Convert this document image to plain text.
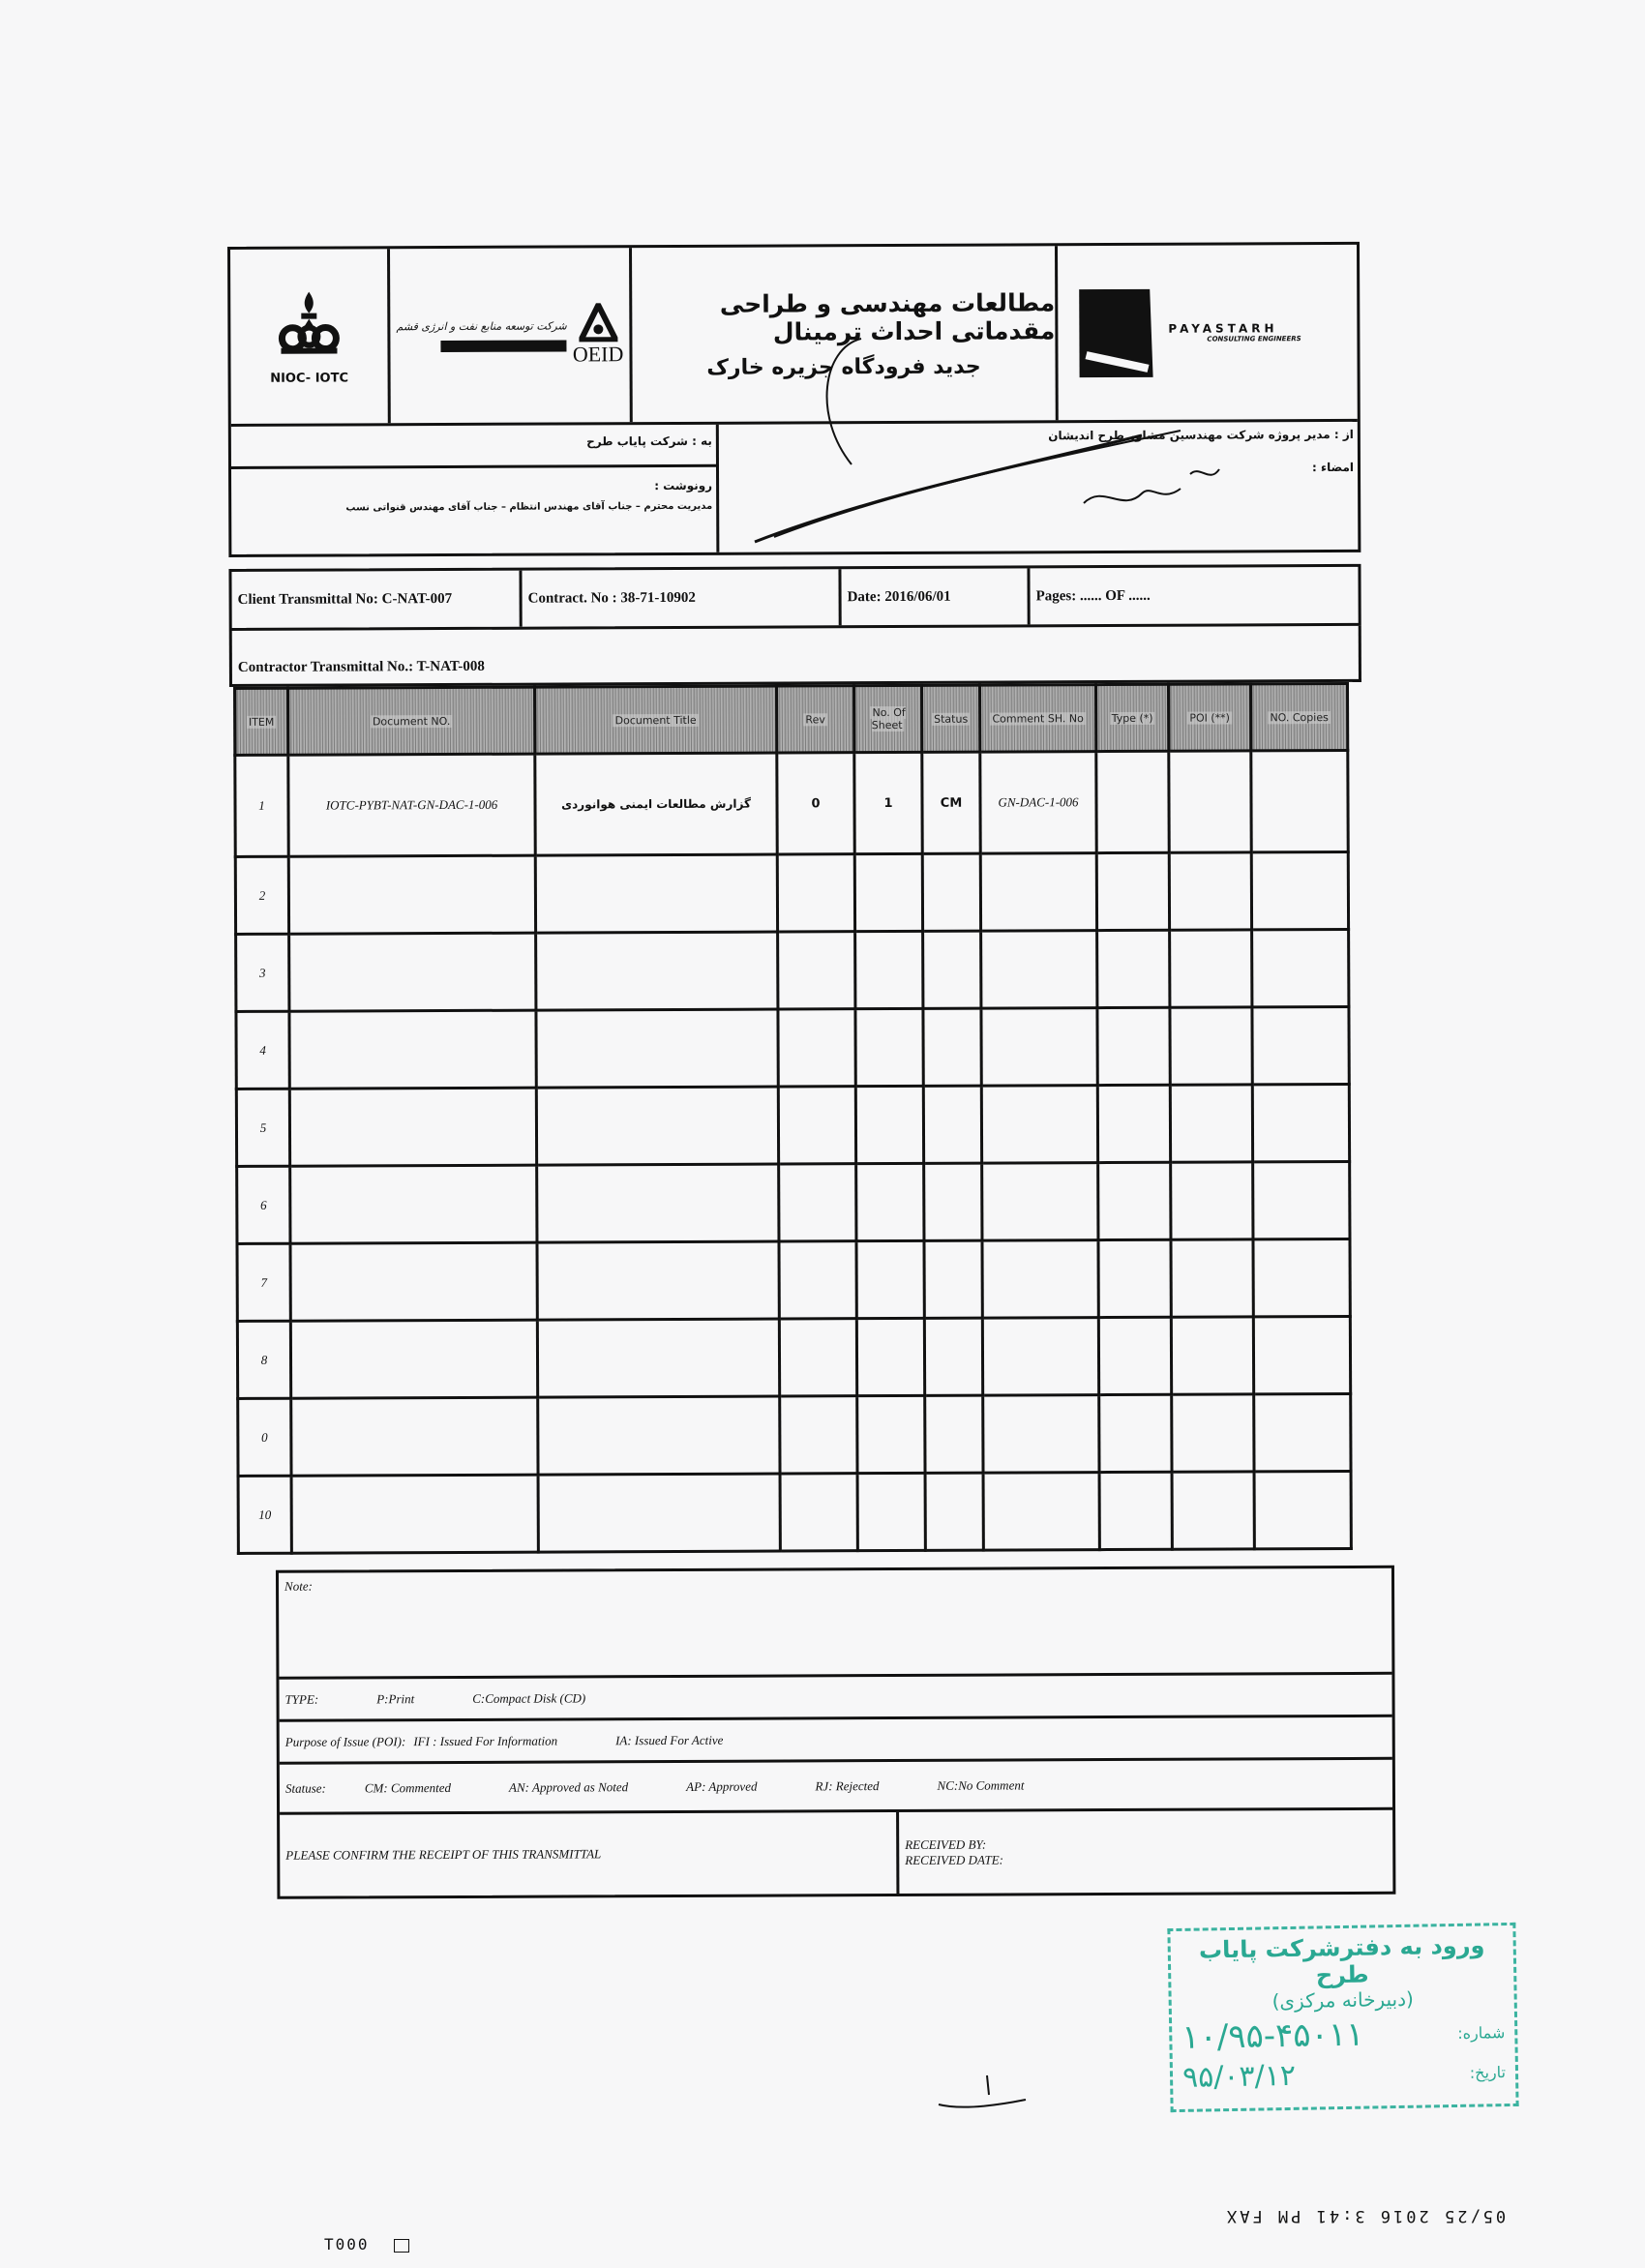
NIOC- IOTC
شرکت توسعه منابع نفت و انرژی قشم
OEID
مطالعات مهندسی و طراحی مقدماتی احداث ترمینال
جدید فرودگاه جزیره خارک
PAYASTARH
CONSULTING ENGINEERS
از : مدیر پروژه شرکت مهندسین مشاور طرح اندیشان
امضاء :
به : شرکت پایاب طرح
رونوشت :
مدیریت محترم – جناب آقای مهندس انتظام – جناب آقای مهندس قنواتی نسب
Client Transmittal No: C-NAT-007	Contract. No : 38-71-10902	Date: 2016/06/01	Pages: ...... OF ......
Contractor Transmittal No.: T-NAT-008
ITEM	Document NO.	Document Title	Rev	No. Of Sheet	Status	Comment SH. No	Type (*)	POI (**)	NO. Copies
1	IOTC-PYBT-NAT-GN-DAC-1-006	گزارش مطالعات ایمنی هوانوردی	0	1	CM	GN-DAC-1-006			
2									
3									
4									
5									
6									
7									
8									
0									
10									
Note:
TYPE:	P:Print	C:Compact Disk (CD)
Purpose of Issue (POI): IFI : Issued For Information	IA: Issued For Active
Statuse:	CM: Commented	AN: Approved as Noted	AP: Approved	RJ: Rejected	NC:No Comment
PLEASE CONFIRM THE RECEIPT OF THIS TRANSMITTAL
RECEIVED BY:
RECEIVED DATE:
ورود به دفترشرکت پایاب طرح
(دبیرخانه مرکزی)
شماره:
۱۰/۹۵-۴۵۰۱۱
تاریخ:
۹۵/۰۳/۱۲
05/25 2016 3:41 PM FAX
T000
